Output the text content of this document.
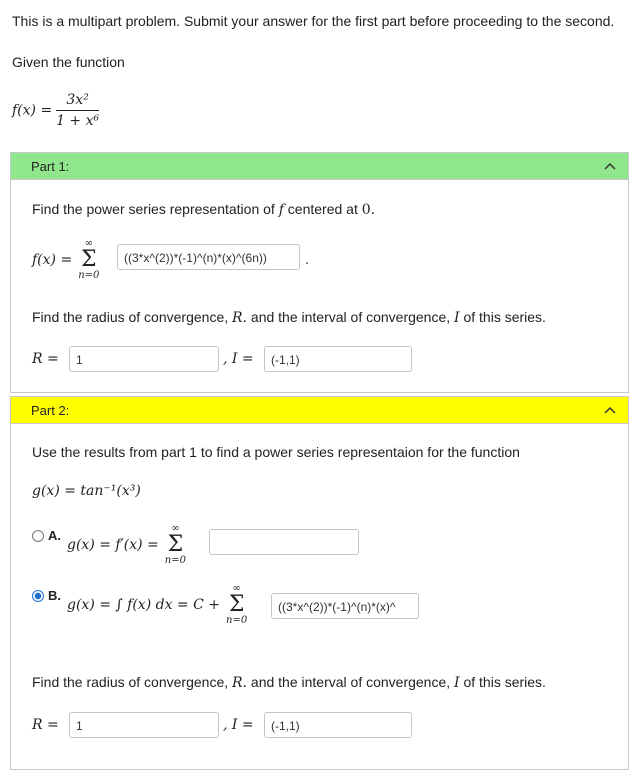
This is a multipart problem. Submit your answer for the first part before proceeding to the second.
Given the function
$f(x) = \frac{\text{3x²}}{\text{1 + x⁶}}$
Part 1:
Find the power series representation of f centered at 0.
f(x) =
∞
Σ
n=0
((3*x^(2))*(-1)^(n)*(x)^(6n))	.
Find the radius of convergence, R. and the interval of convergence, I of this series.
R =	1	, I =	(-1,1)
Part 2:
Use the results from part 1 to find a power series representaion for the function
g(x) = tan⁻¹(x³)
A.
g(x) = f′(x) =
∞
Σ
n=0
B.
g(x) = ∫ f(x) dx = C +
∞
Σ
n=0
((3*x^(2))*(-1)^(n)*(x)^
Find the radius of convergence, R. and the interval of convergence, I of this series.
R =	1	, I =	(-1,1)
